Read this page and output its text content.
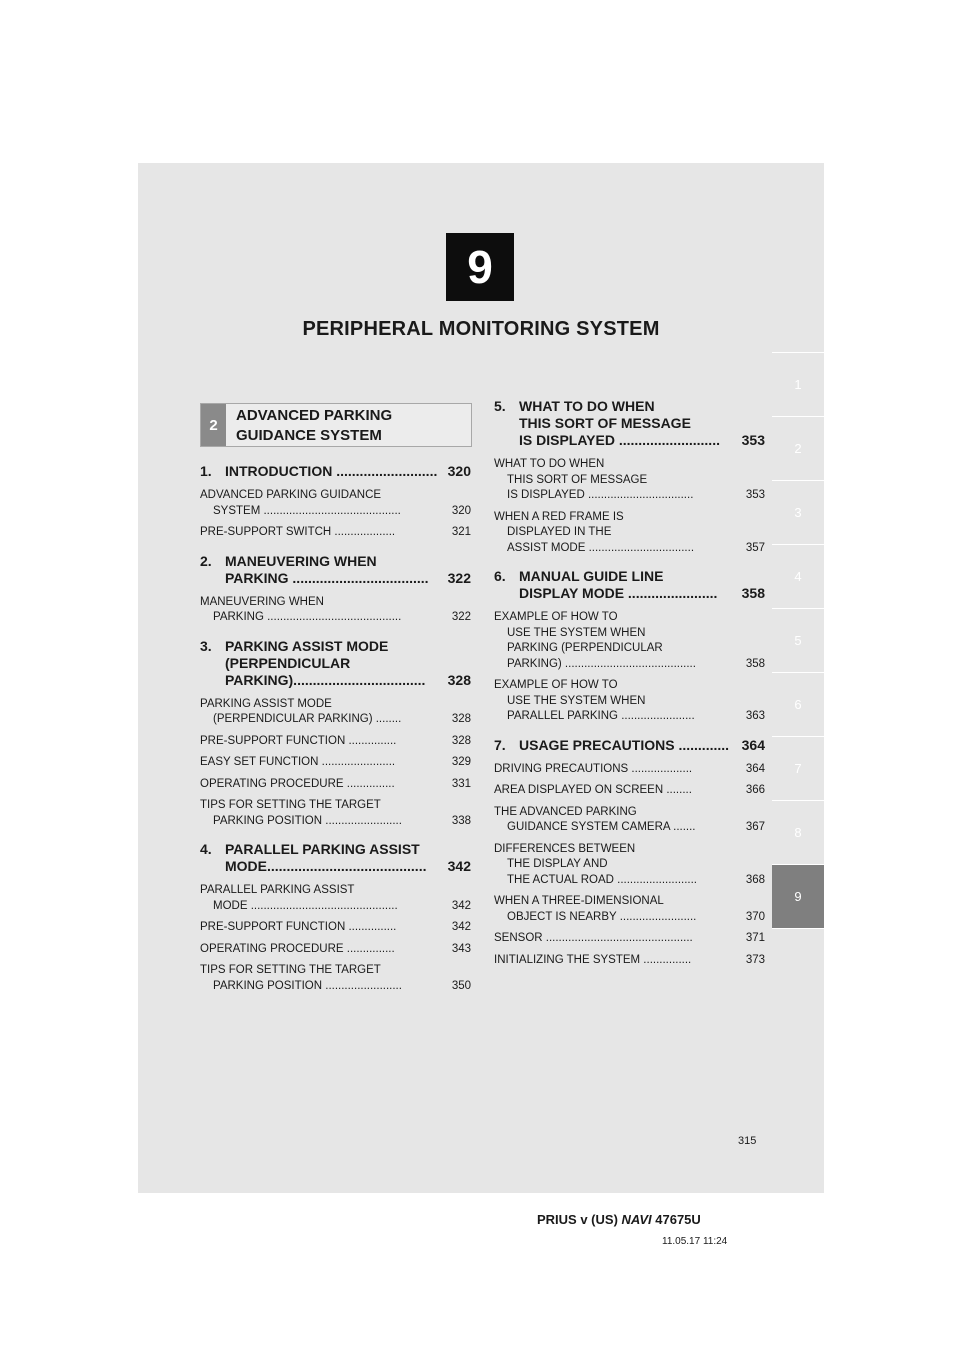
9
PERIPHERAL MONITORING SYSTEM
1
2
3
4
5
6
7
8
9
2
ADVANCED PARKING
GUIDANCE SYSTEM
1. INTRODUCTION .......................... 320
ADVANCED PARKING GUIDANCE
SYSTEM ...........................................	320
PRE-SUPPORT SWITCH ...................	321
2. MANEUVERING WHEN
PARKING ...................................	322
MANEUVERING WHEN
PARKING ..........................................	322
3. PARKING ASSIST MODE
(PERPENDICULAR
PARKING)..................................	328
PARKING ASSIST MODE
(PERPENDICULAR PARKING) ........	328
PRE-SUPPORT FUNCTION ...............	328
EASY SET FUNCTION .......................	329
OPERATING PROCEDURE ...............	331
TIPS FOR SETTING THE TARGET
PARKING POSITION ........................	338
4. PARALLEL PARKING ASSIST
MODE.........................................	342
PARALLEL PARKING ASSIST
MODE ..............................................	342
PRE-SUPPORT FUNCTION ...............	342
OPERATING PROCEDURE ...............	343
TIPS FOR SETTING THE TARGET
PARKING POSITION ........................	350
5. WHAT TO DO WHEN
THIS SORT OF MESSAGE
IS DISPLAYED ..........................	353
WHAT TO DO WHEN
THIS SORT OF MESSAGE
IS DISPLAYED .................................	353
WHEN A RED FRAME IS
DISPLAYED IN THE
ASSIST MODE .................................	357
6. MANUAL GUIDE LINE
DISPLAY MODE .......................	358
EXAMPLE OF HOW TO
USE THE SYSTEM WHEN
PARKING (PERPENDICULAR
PARKING) .........................................	358
EXAMPLE OF HOW TO
USE THE SYSTEM WHEN
PARALLEL PARKING .......................	363
7. USAGE PRECAUTIONS ............. 364
DRIVING PRECAUTIONS ...................	364
AREA DISPLAYED ON SCREEN ........	366
THE ADVANCED PARKING
GUIDANCE SYSTEM CAMERA .......	367
DIFFERENCES BETWEEN
THE DISPLAY AND
THE ACTUAL ROAD .........................	368
WHEN A THREE-DIMENSIONAL
OBJECT IS NEARBY ........................	370
SENSOR ..............................................	371
INITIALIZING THE SYSTEM ...............	373
315
PRIUS v (US) NAVI 47675U
11.05.17 11:24
